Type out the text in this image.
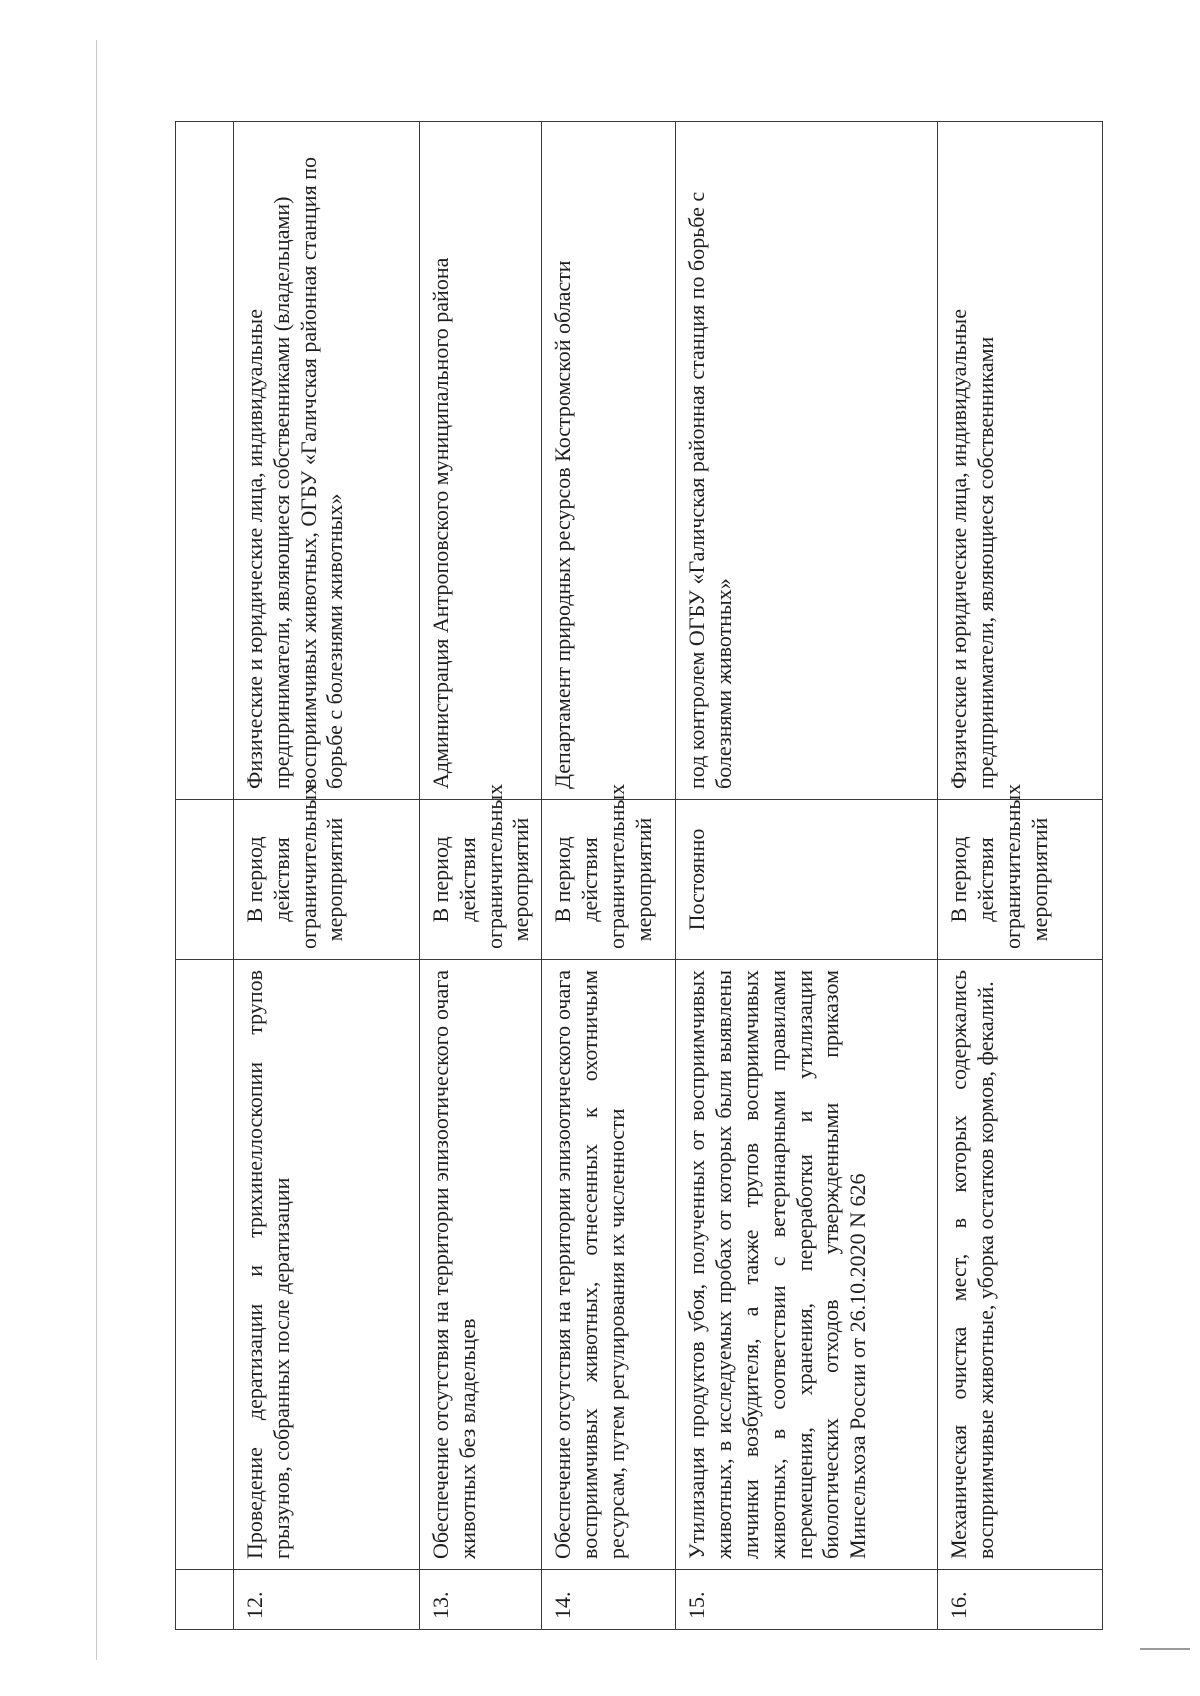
12.	Проведение дератизации и трихинеллоскопии трупов грызунов, собранных после дератизации	В период действия ограничительных мероприятий	Физические и юридические лица, индивидуальные предприниматели, являющиеся собственниками (владельцами) восприимчивых животных, ОГБУ «Галичская районная станция по борьбе с болезнями животных»
13.	Обеспечение отсутствия на территории эпизоотического очага животных без владельцев	В период действия ограничительных мероприятий	Администрация Антроповского муниципального района
14.	Обеспечение отсутствия на территории эпизоотического очага восприимчивых животных, отнесенных к охотничьим ресурсам, путем регулирования их численности	В период действия ограничительных мероприятий	Департамент природных ресурсов Костромской области
15.	Утилизация продуктов убоя, полученных от восприимчивых животных, в исследуемых пробах от которых были выявлены личинки возбудителя, а также трупов восприимчивых животных, в соответствии с ветеринарными правилами перемещения, хранения, переработки и утилизации биологических отходов утвержденными приказом Минсельхоза России от 26.10.2020 N 626	Постоянно	под контролем ОГБУ «Галичская районная станция по борьбе с болезнями животных»
16.	Механическая очистка мест, в которых содержались восприимчивые животные, уборка остатков кормов, фекалий.	В период действия ограничительных мероприятий	Физические и юридические лица, индивидуальные предприниматели, являющиеся собственниками
